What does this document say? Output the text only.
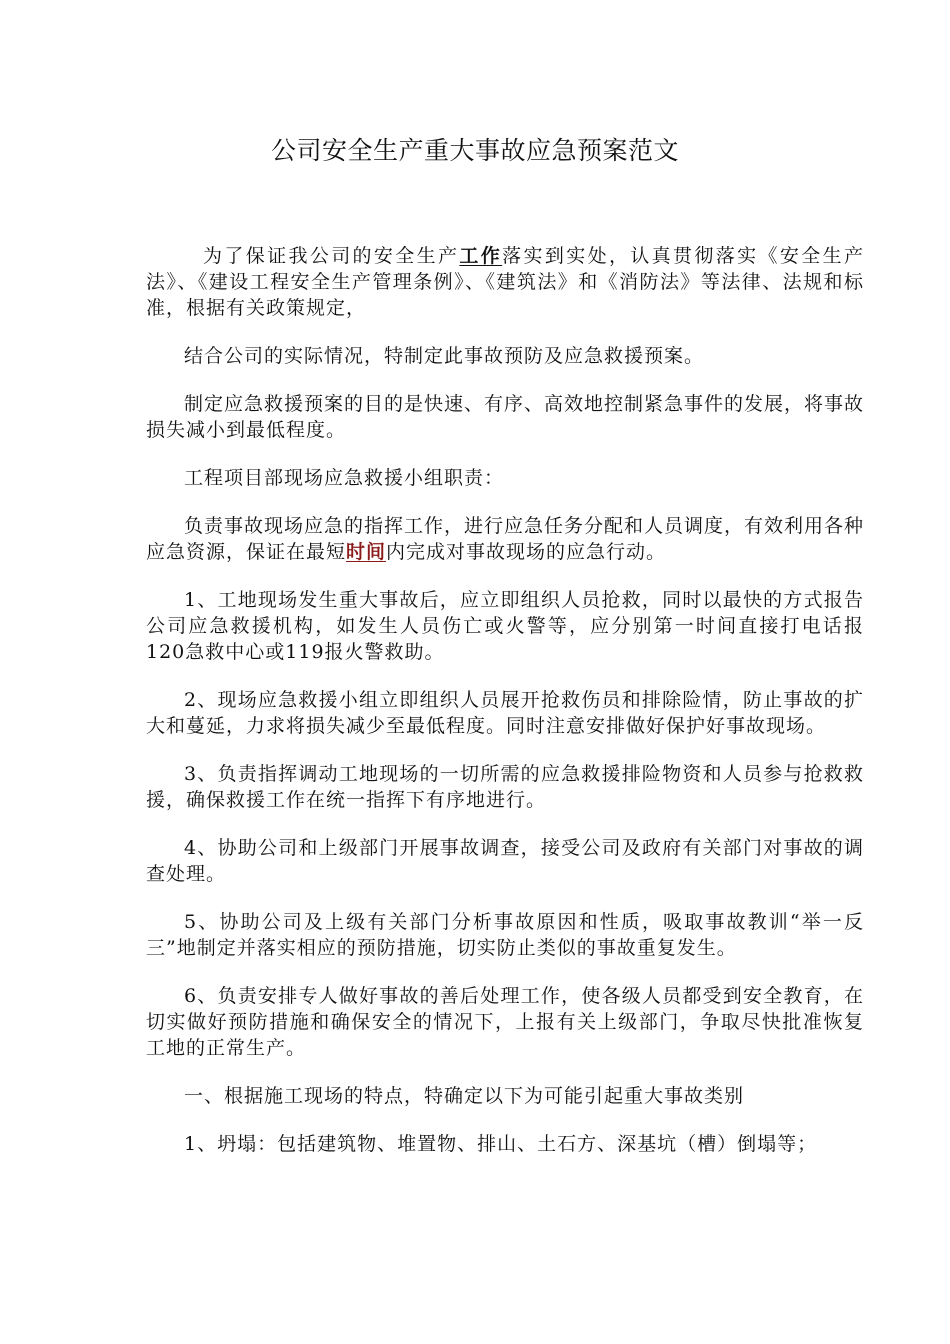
公司安全生产重大事故应急预案范文

为了保证我公司的安全生产工作落实到实处，认真贯彻落实《安全生产法》、《建设工程安全生产管理条例》、《建筑法》和《消防法》等法律、法规和标准，根据有关政策规定，

结合公司的实际情况，特制定此事故预防及应急救援预案。

制定应急救援预案的目的是快速、有序、高效地控制紧急事件的发展，将事故损失减小到最低程度。

工程项目部现场应急救援小组职责：

负责事故现场应急的指挥工作，进行应急任务分配和人员调度，有效利用各种应急资源，保证在最短时间内完成对事故现场的应急行动。

1、工地现场发生重大事故后，应立即组织人员抢救，同时以最快的方式报告公司应急救援机构，如发生人员伤亡或火警等，应分别第一时间直接打电话报120急救中心或119报火警救助。

2、现场应急救援小组立即组织人员展开抢救伤员和排除险情，防止事故的扩大和蔓延，力求将损失减少至最低程度。同时注意安排做好保护好事故现场。

3、负责指挥调动工地现场的一切所需的应急救援排险物资和人员参与抢救救援，确保救援工作在统一指挥下有序地进行。

4、协助公司和上级部门开展事故调查，接受公司及政府有关部门对事故的调查处理。

5、协助公司及上级有关部门分析事故原因和性质，吸取事故教训“举一反三”地制定并落实相应的预防措施，切实防止类似的事故重复发生。

6、负责安排专人做好事故的善后处理工作，使各级人员都受到安全教育，在切实做好预防措施和确保安全的情况下，上报有关上级部门，争取尽快批准恢复工地的正常生产。

一、根据施工现场的特点，特确定以下为可能引起重大事故类别

1、坍塌：包括建筑物、堆置物、排山、土石方、深基坑（槽）倒塌等；
